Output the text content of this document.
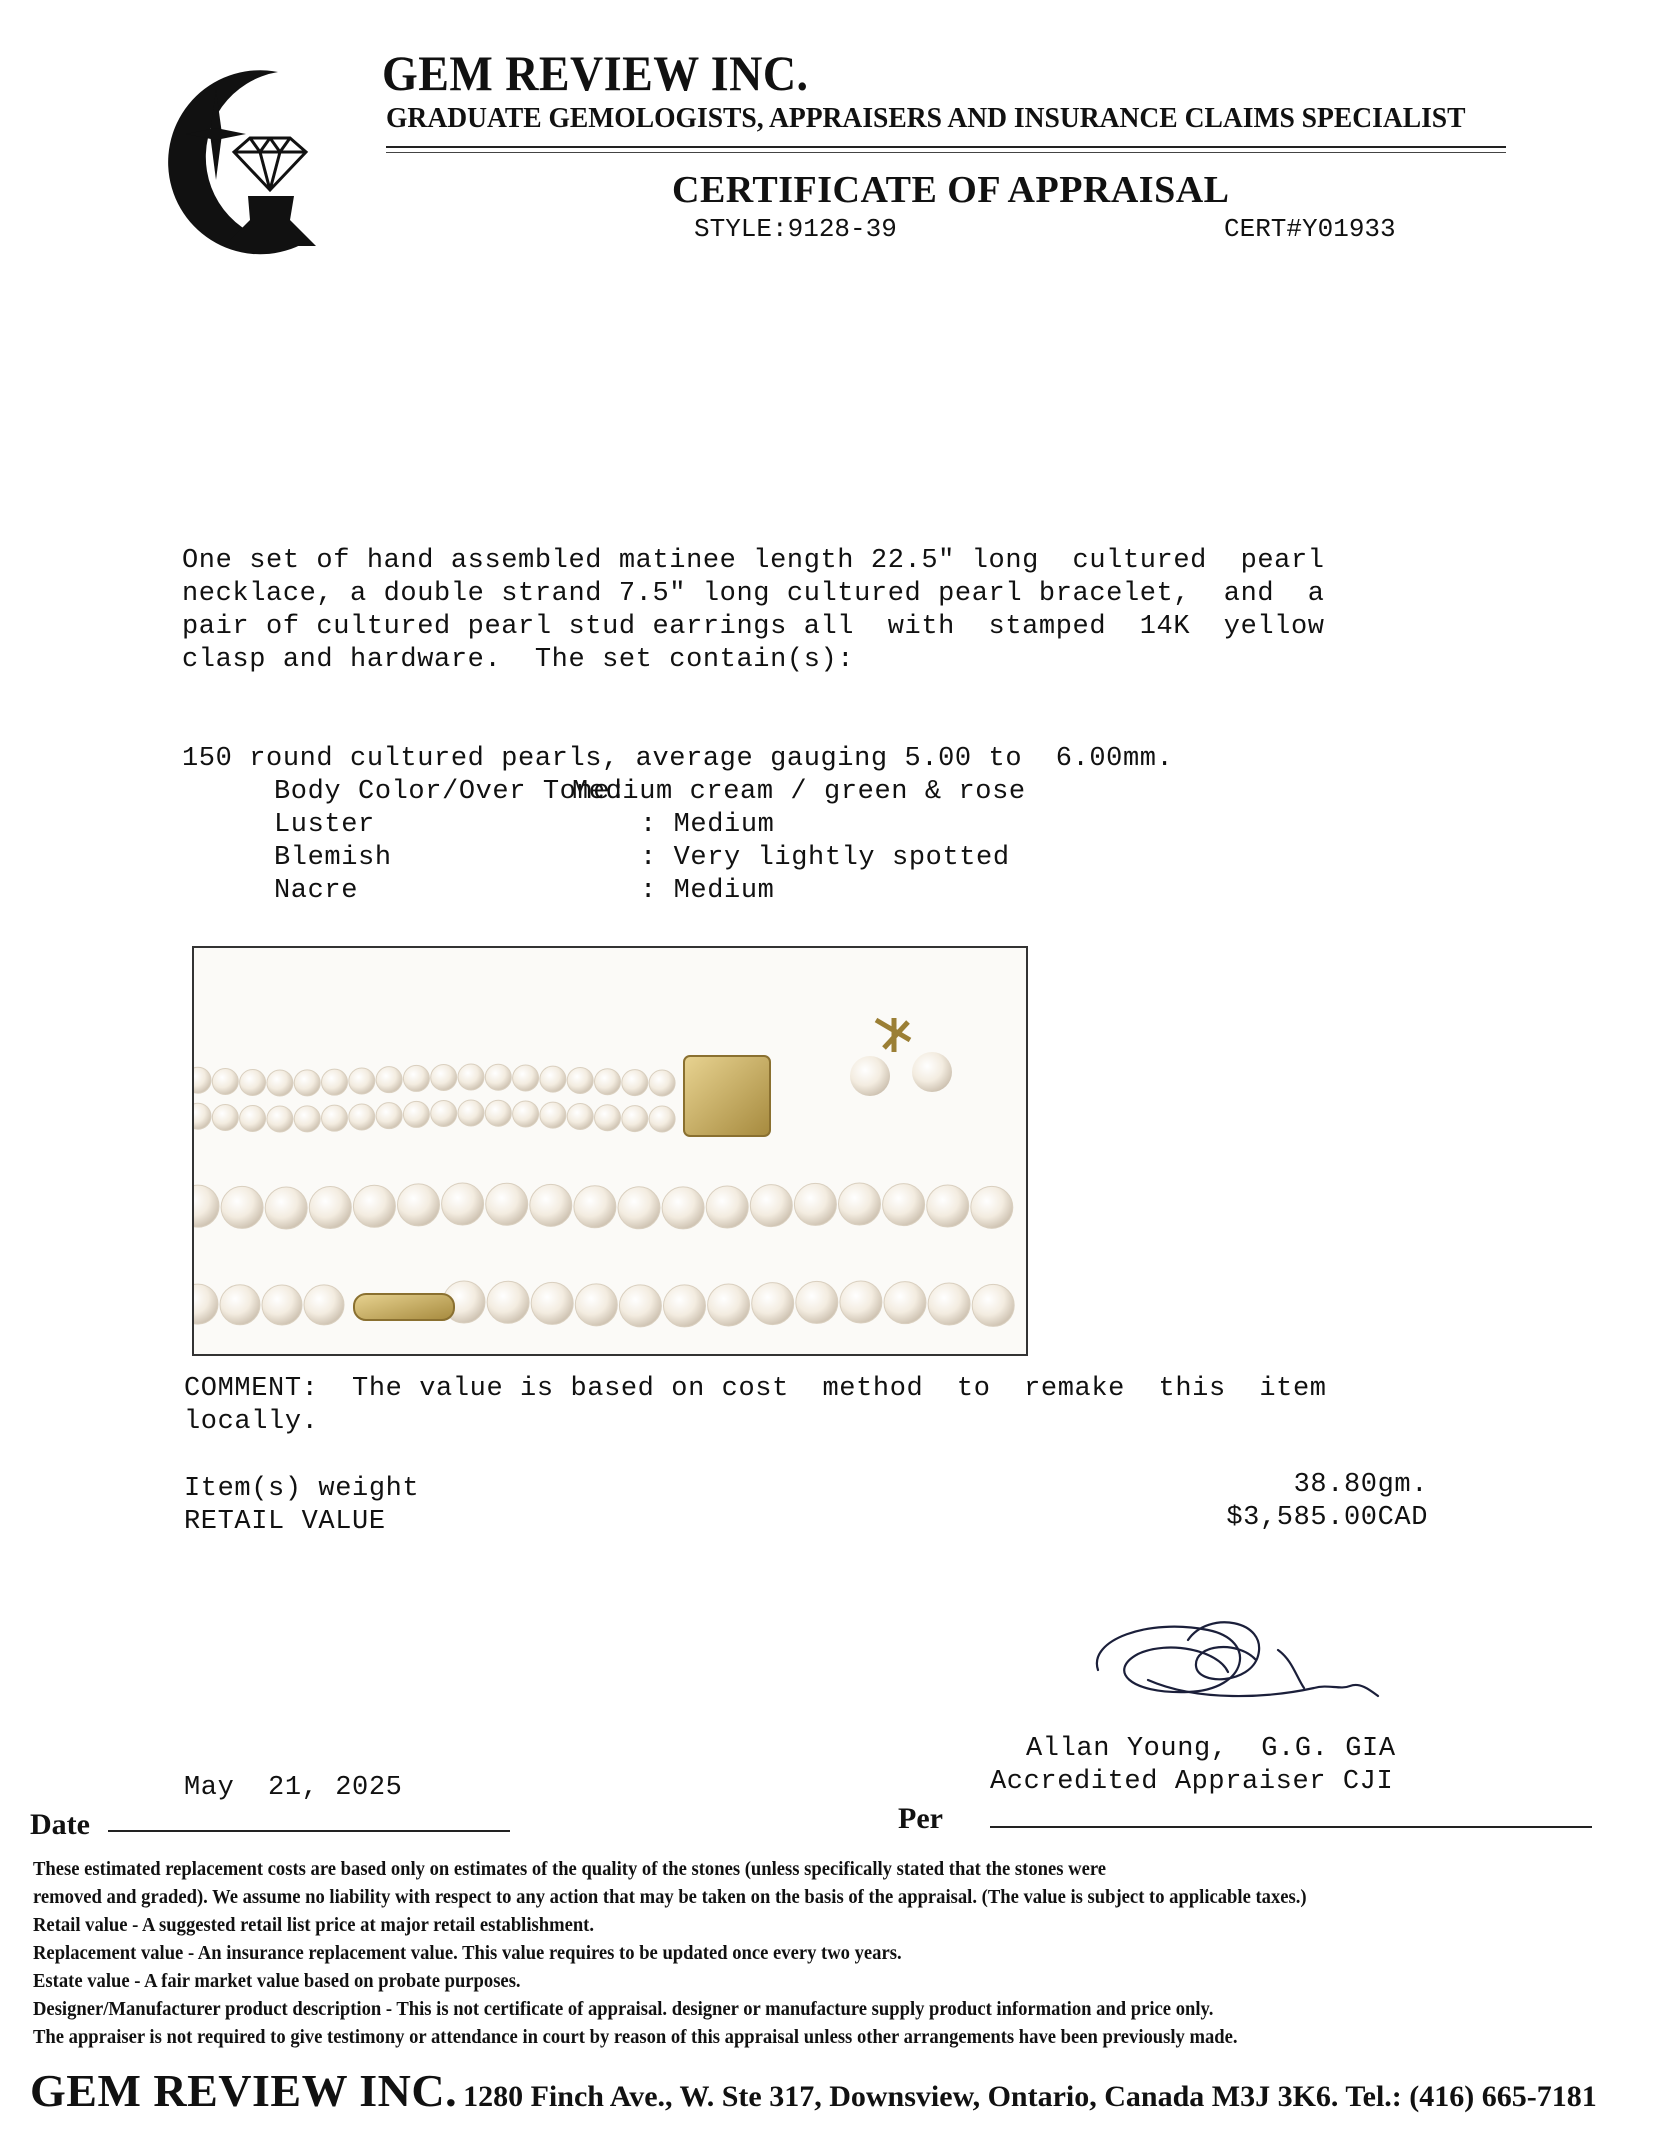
GEM REVIEW INC.
GRADUATE GEMOLOGISTS, APPRAISERS AND INSURANCE CLAIMS SPECIALIST
CERTIFICATE OF APPRAISAL
STYLE:9128-39	CERT#Y01933
One set of hand assembled matinee length 22.5" long  cultured  pearl
necklace, a double strand 7.5" long cultured pearl bracelet,  and  a
pair of cultured pearl stud earrings all  with  stamped  14K  yellow
clasp and hardware.  The set contain(s):
150 round cultured pearls, average gauging 5.00 to  6.00mm.
Body Color/Over Tone:
Medium cream / green & rose
Luster	: Medium
Blemish	: Very lightly spotted
Nacre	: Medium
COMMENT:  The value is based on cost  method  to  remake  this  item
locally.
Item(s) weight	38.80gm.
RETAIL VALUE	$3,585.00CAD
Allan Young,  G.G. GIA
Accredited Appraiser CJI
May  21, 2025
Date	Per
These estimated replacement costs are based only on estimates of the quality of the stones (unless specifically stated that the stones were
removed and graded). We assume no liability with respect to any action that may be taken on the basis of the appraisal. (The value is subject to applicable taxes.)
Retail value - A suggested retail list price at major retail establishment.
Replacement value - An insurance replacement value. This value requires to be updated once every two years.
Estate value - A fair market value based on probate purposes.
Designer/Manufacturer product description - This is not certificate of appraisal. designer or manufacture supply product information and price only.
The appraiser is not required to give testimony or attendance in court by reason of this appraisal unless other arrangements have been previously made.
GEM REVIEW INC. 1280 Finch Ave., W. Ste 317, Downsview, Ontario, Canada M3J 3K6. Tel.: (416) 665-7181
